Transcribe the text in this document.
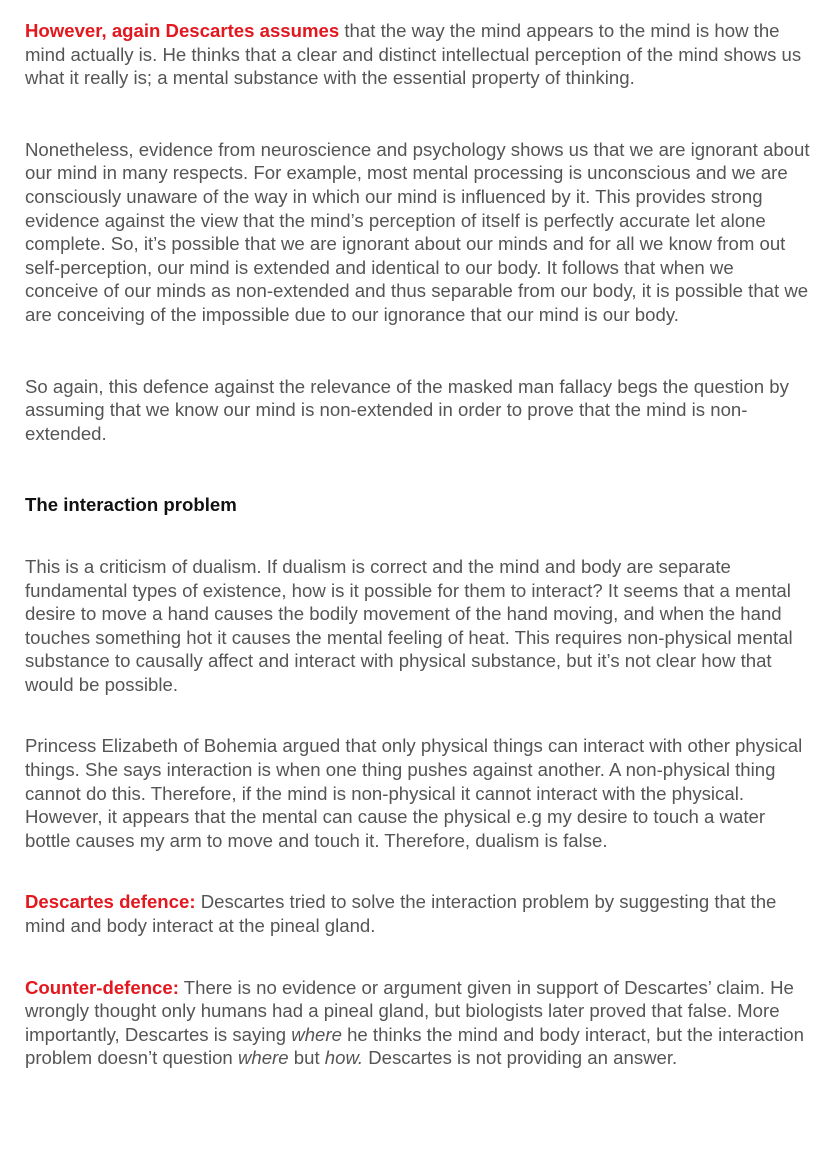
However, again Descartes assumes that the way the mind appears to the mind is how the mind actually is. He thinks that a clear and distinct intellectual perception of the mind shows us what it really is; a mental substance with the essential property of thinking.

Nonetheless, evidence from neuroscience and psychology shows us that we are ignorant about our mind in many respects. For example, most mental processing is unconscious and we are consciously unaware of the way in which our mind is influenced by it. This provides strong evidence against the view that the mind’s perception of itself is perfectly accurate let alone complete. So, it’s possible that we are ignorant about our minds and for all we know from out self-perception, our mind is extended and identical to our body. It follows that when we conceive of our minds as non-extended and thus separable from our body, it is possible that we are conceiving of the impossible due to our ignorance that our mind is our body.

So again, this defence against the relevance of the masked man fallacy begs the question by assuming that we know our mind is non-extended in order to prove that the mind is non-extended.

The interaction problem

This is a criticism of dualism. If dualism is correct and the mind and body are separate fundamental types of existence, how is it possible for them to interact? It seems that a mental desire to move a hand causes the bodily movement of the hand moving, and when the hand touches something hot it causes the mental feeling of heat. This requires non-physical mental substance to causally affect and interact with physical substance, but it’s not clear how that would be possible.

Princess Elizabeth of Bohemia argued that only physical things can interact with other physical things. She says interaction is when one thing pushes against another. A non-physical thing cannot do this. Therefore, if the mind is non-physical it cannot interact with the physical. However, it appears that the mental can cause the physical e.g my desire to touch a water bottle causes my arm to move and touch it. Therefore, dualism is false.

Descartes defence: Descartes tried to solve the interaction problem by suggesting that the mind and body interact at the pineal gland.

Counter-defence: There is no evidence or argument given in support of Descartes’ claim. He wrongly thought only humans had a pineal gland, but biologists later proved that false. More importantly, Descartes is saying where he thinks the mind and body interact, but the interaction problem doesn’t question where but how. Descartes is not providing an answer.
